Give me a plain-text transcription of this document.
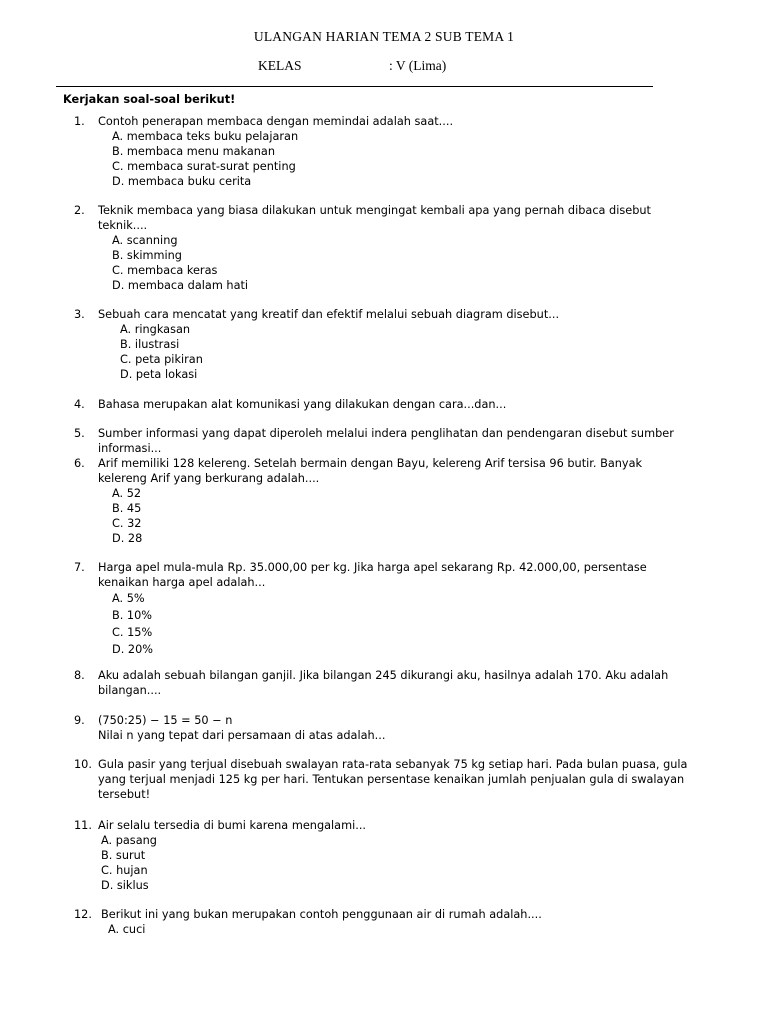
ULANGAN HARIAN TEMA 2 SUB TEMA 1
KELAS	: V (Lima)
Kerjakan soal-soal berikut!
1. Contoh penerapan membaca dengan memindai adalah saat....
A. membaca teks buku pelajaran
B. membaca menu makanan
C. membaca surat-surat penting
D. membaca buku cerita
2. Teknik membaca yang biasa dilakukan untuk mengingat kembali apa yang pernah dibaca disebut
teknik....
A. scanning
B. skimming
C. membaca keras
D. membaca dalam hati
3. Sebuah cara mencatat yang kreatif dan efektif melalui sebuah diagram disebut...
A. ringkasan
B. ilustrasi
C. peta pikiran
D. peta lokasi
4. Bahasa merupakan alat komunikasi yang dilakukan dengan cara...dan...
5. Sumber informasi yang dapat diperoleh melalui indera penglihatan dan pendengaran disebut sumber
informasi...
6. Arif memiliki 128 kelereng. Setelah bermain dengan Bayu, kelereng Arif tersisa 96 butir. Banyak
kelereng Arif yang berkurang adalah....
A. 52
B. 45
C. 32
D. 28
7. Harga apel mula-mula Rp. 35.000,00 per kg. Jika harga apel sekarang Rp. 42.000,00, persentase
kenaikan harga apel adalah...
A. 5%
B. 10%
C. 15%
D. 20%
8. Aku adalah sebuah bilangan ganjil. Jika bilangan 245 dikurangi aku, hasilnya adalah 170. Aku adalah
bilangan....
9. (750:25) − 15 = 50 − n
Nilai n yang tepat dari persamaan di atas adalah...
10. Gula pasir yang terjual disebuah swalayan rata-rata sebanyak 75 kg setiap hari. Pada bulan puasa, gula
yang terjual menjadi 125 kg per hari. Tentukan persentase kenaikan jumlah penjualan gula di swalayan
tersebut!
11. Air selalu tersedia di bumi karena mengalami...
A. pasang
B. surut
C. hujan
D. siklus
12. Berikut ini yang bukan merupakan contoh penggunaan air di rumah adalah....
A. cuci
